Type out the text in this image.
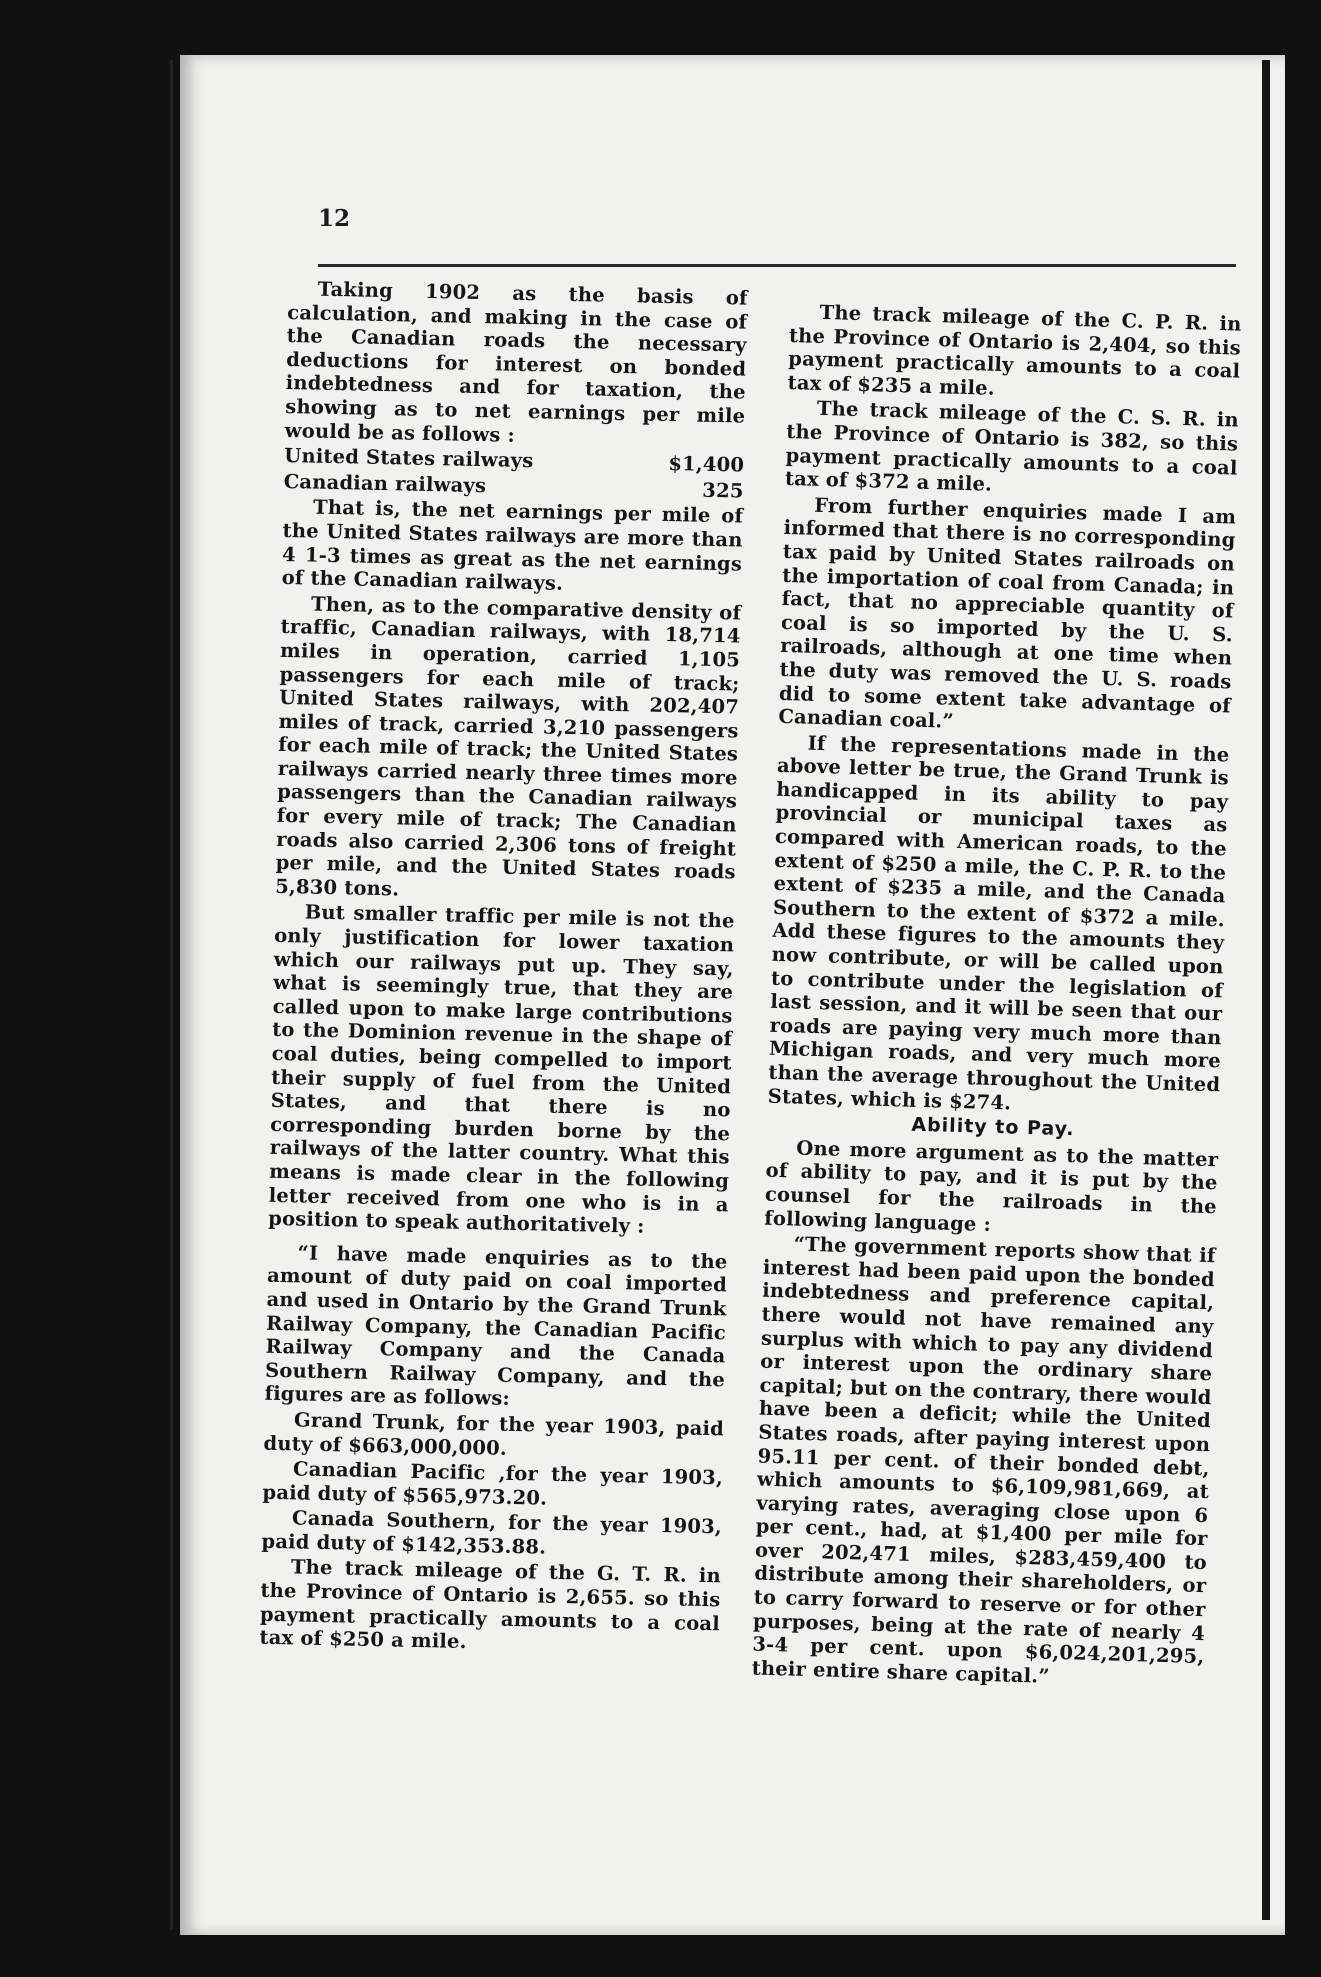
12

Taking 1902 as the basis of calculation, and making in the case of the Canadian roads the necessary deductions for interest on bonded indebtedness and for taxation, the showing as to net earnings per mile would be as follows :

United States railways	$1,400
Canadian railways	325

That is, the net earnings per mile of the United States railways are more than 4 1-3 times as great as the net earnings of the Canadian railways.

Then, as to the comparative density of traffic, Canadian railways, with 18,714 miles in operation, carried 1,105 passengers for each mile of track; United States railways, with 202,407 miles of track, carried 3,210 passengers for each mile of track; the United States railways carried nearly three times more passengers than the Canadian railways for every mile of track; The Canadian roads also carried 2,306 tons of freight per mile, and the United States roads 5,830 tons.

But smaller traffic per mile is not the only justification for lower taxation which our railways put up. They say, what is seemingly true, that they are called upon to make large contributions to the Dominion revenue in the shape of coal duties, being compelled to import their supply of fuel from the United States, and that there is no corresponding burden borne by the railways of the latter country. What this means is made clear in the following letter received from one who is in a position to speak authoritatively :

“I have made enquiries as to the amount of duty paid on coal imported and used in Ontario by the Grand Trunk Railway Company, the Canadian Pacific Railway Company and the Canada Southern Railway Company, and the figures are as follows:

Grand Trunk, for the year 1903, paid duty of $663,000,000.

Canadian Pacific ,for the year 1903, paid duty of $565,973.20.

Canada Southern, for the year 1903, paid duty of $142,353.88.

The track mileage of the G. T. R. in the Province of Ontario is 2,655. so this payment practically amounts to a coal tax of $250 a mile.

The track mileage of the C. P. R. in the Province of Ontario is 2,404, so this payment practically amounts to a coal tax of $235 a mile.

The track mileage of the C. S. R. in the Province of Ontario is 382, so this payment practically amounts to a coal tax of $372 a mile.

From further enquiries made I am informed that there is no corresponding tax paid by United States railroads on the importation of coal from Canada; in fact, that no appreciable quantity of coal is so imported by the U. S. railroads, although at one time when the duty was removed the U. S. roads did to some extent take advantage of Canadian coal.”

If the representations made in the above letter be true, the Grand Trunk is handicapped in its ability to pay provincial or municipal taxes as compared with American roads, to the extent of $250 a mile, the C. P. R. to the extent of $235 a mile, and the Canada Southern to the extent of $372 a mile. Add these figures to the amounts they now contribute, or will be called upon to contribute under the legislation of last session, and it will be seen that our roads are paying very much more than Michigan roads, and very much more than the average throughout the United States, which is $274.

Ability to Pay.

One more argument as to the matter of ability to pay, and it is put by the counsel for the railroads in the following language :

“The government reports show that if interest had been paid upon the bonded indebtedness and preference capital, there would not have remained any surplus with which to pay any dividend or interest upon the ordinary share capital; but on the contrary, there would have been a deficit; while the United States roads, after paying interest upon 95.11 per cent. of their bonded debt, which amounts to $6,109,981,669, at varying rates, averaging close upon 6 per cent., had, at $1,400 per mile for over 202,471 miles, $283,459,400 to distribute among their shareholders, or to carry forward to reserve or for other purposes, being at the rate of nearly 4 3-4 per cent. upon $6,024,201,295, their entire share capital.”
